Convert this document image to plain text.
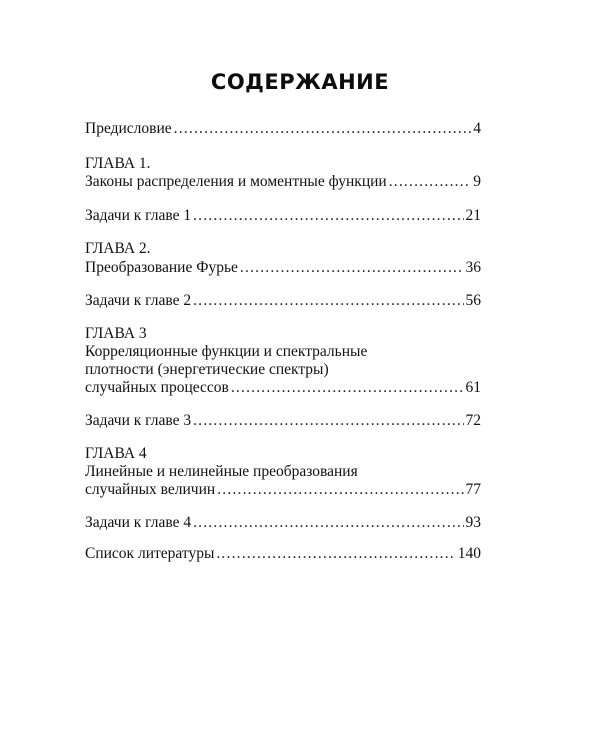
СОДЕРЖАНИЕ
Предисловие .....	4
ГЛАВА 1.
Законы распределения и моментные функции .....	9
Задачи к главе 1 .....	21
ГЛАВА 2.
Преобразование Фурье .....	36
Задачи к главе 2 .....	56
ГЛАВА 3
Корреляционные функции и спектральные
плотности (энергетические спектры)
случайных процессов .....	61
Задачи к главе 3 .....	72
ГЛАВА 4
Линейные и нелинейные преобразования
случайных величин .....	77
Задачи к главе 4 .....	93
Список литературы .....	140
